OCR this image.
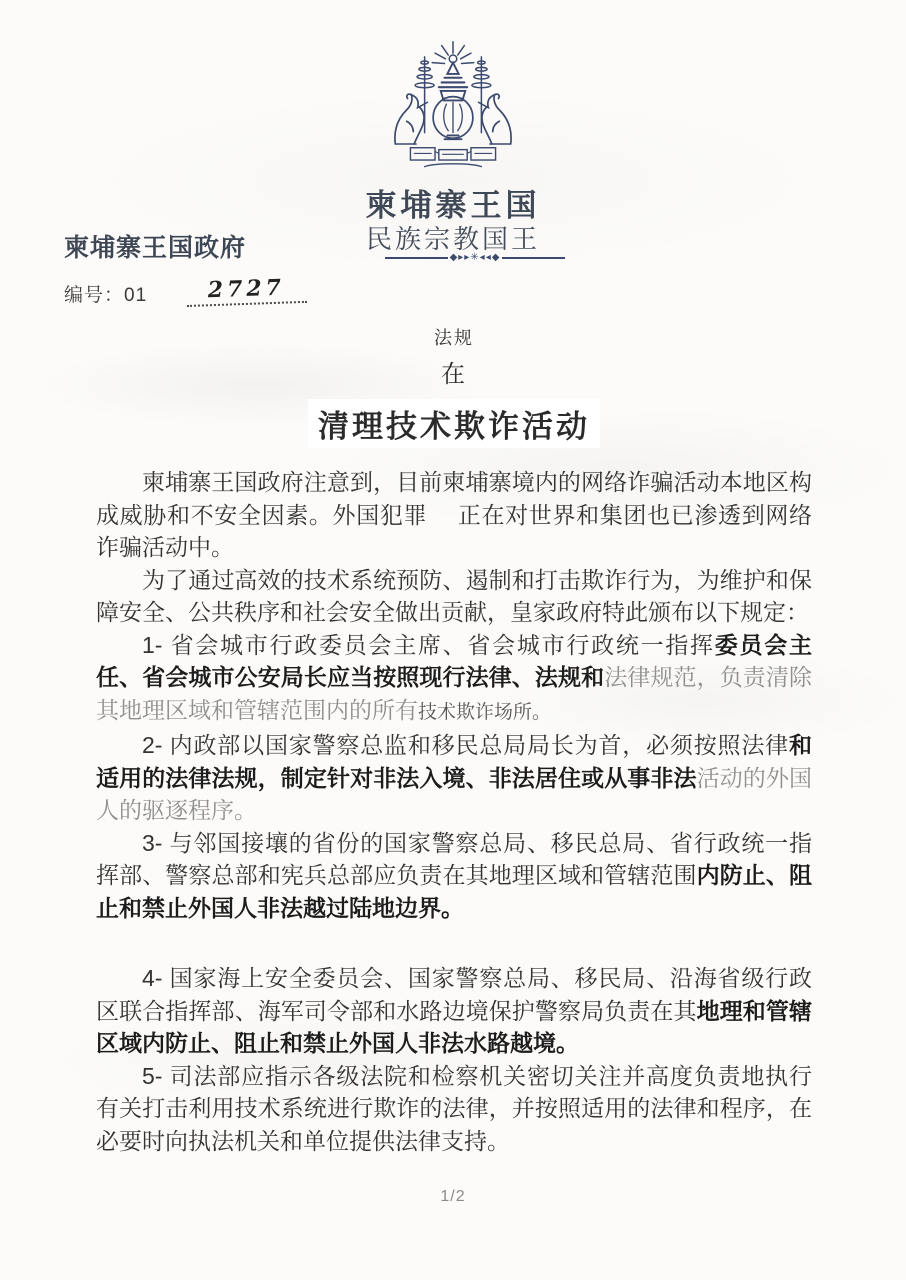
柬埔寨王国
民族宗教国王
◆▸▸✳◂◂◆
柬埔寨王国政府
编号：01	2727
法规
在
清理技术欺诈活动

柬埔寨王国政府注意到，目前柬埔寨境内的网络诈骗活动本地区构成威胁和不安全因素。外国犯罪　 正在对世界和集团也已渗透到网络诈骗活动中。

为了通过高效的技术系统预防、遏制和打击欺诈行为，为维护和保障安全、公共秩序和社会安全做出贡献，皇家政府特此颁布以下规定：

1- 省会城市行政委员会主席、省会城市行政统一指挥委员会主任、省会城市公安局长应当按照现行法律、法规和法律规范，负责清除其地理区域和管辖范围内的所有技术欺诈场所。

2- 内政部以国家警察总监和移民总局局长为首，必须按照法律和适用的法律法规，制定针对非法入境、非法居住或从事非法活动的外国人的驱逐程序。

3- 与邻国接壤的省份的国家警察总局、移民总局、省行政统一指挥部、警察总部和宪兵总部应负责在其地理区域和管辖范围内防止、阻止和禁止外国人非法越过陆地边界。

4- 国家海上安全委员会、国家警察总局、移民局、沿海省级行政区联合指挥部、海军司令部和水路边境保护警察局负责在其地理和管辖区域内防止、阻止和禁止外国人非法水路越境。

5- 司法部应指示各级法院和检察机关密切关注并高度负责地执行有关打击利用技术系统进行欺诈的法律，并按照适用的法律和程序，在必要时向执法机关和单位提供法律支持。

1/2
